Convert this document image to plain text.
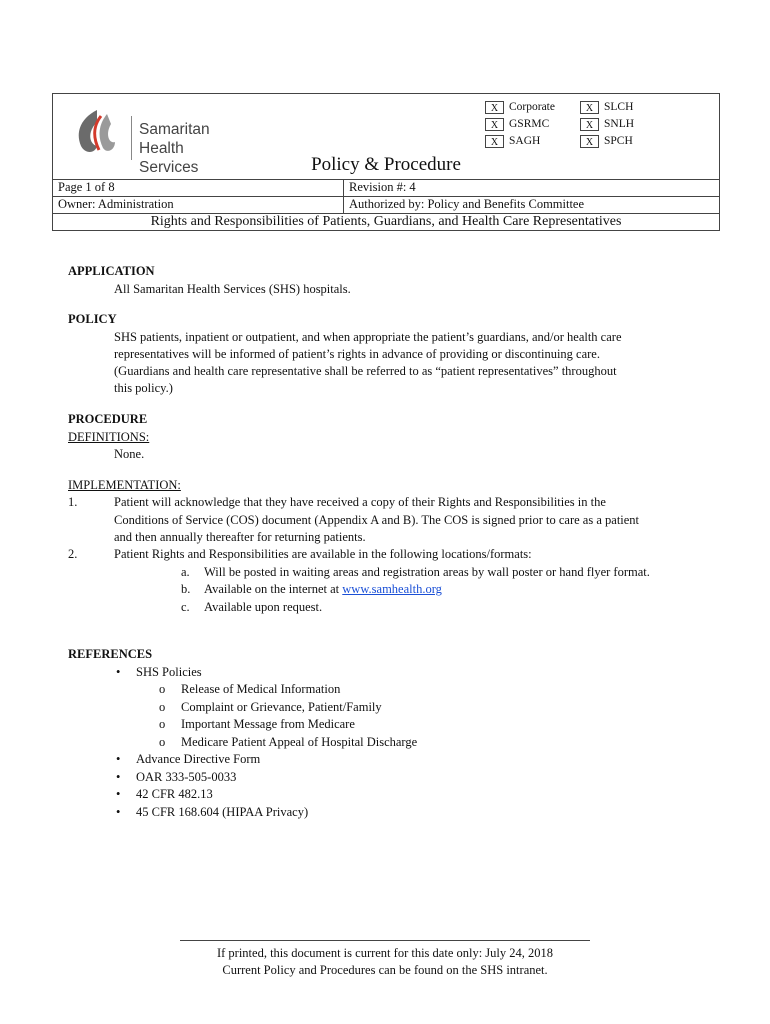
Samaritan
Health Services
X Corporate
X GSRMC
X SAGH
X SLCH
X SNLH
X SPCH
Policy & Procedure
Page 1 of 8	Revision #: 4
Owner: Administration	Authorized by: Policy and Benefits Committee
Rights and Responsibilities of Patients, Guardians, and Health Care Representatives
APPLICATION
All Samaritan Health Services (SHS) hospitals.
POLICY
SHS patients, inpatient or outpatient, and when appropriate the patient’s guardians, and/or health care
representatives will be informed of patient’s rights in advance of providing or discontinuing care.
(Guardians and health care representative shall be referred to as “patient representatives” throughout
this policy.)
PROCEDURE
DEFINITIONS:
None.
IMPLEMENTATION:
1.	Patient will acknowledge that they have received a copy of their Rights and Responsibilities in the
Conditions of Service (COS) document (Appendix A and B). The COS is signed prior to care as a patient
and then annually thereafter for returning patients.
2.	Patient Rights and Responsibilities are available in the following locations/formats:
a. Will be posted in waiting areas and registration areas by wall poster or hand flyer format.
b. Available on the internet at www.samhealth.org
c. Available upon request.
REFERENCES
• SHS Policies
o Release of Medical Information
o Complaint or Grievance, Patient/Family
o Important Message from Medicare
o Medicare Patient Appeal of Hospital Discharge
• Advance Directive Form
• OAR 333-505-0033
• 42 CFR 482.13
• 45 CFR 168.604 (HIPAA Privacy)
If printed, this document is current for this date only: July 24, 2018
Current Policy and Procedures can be found on the SHS intranet.
